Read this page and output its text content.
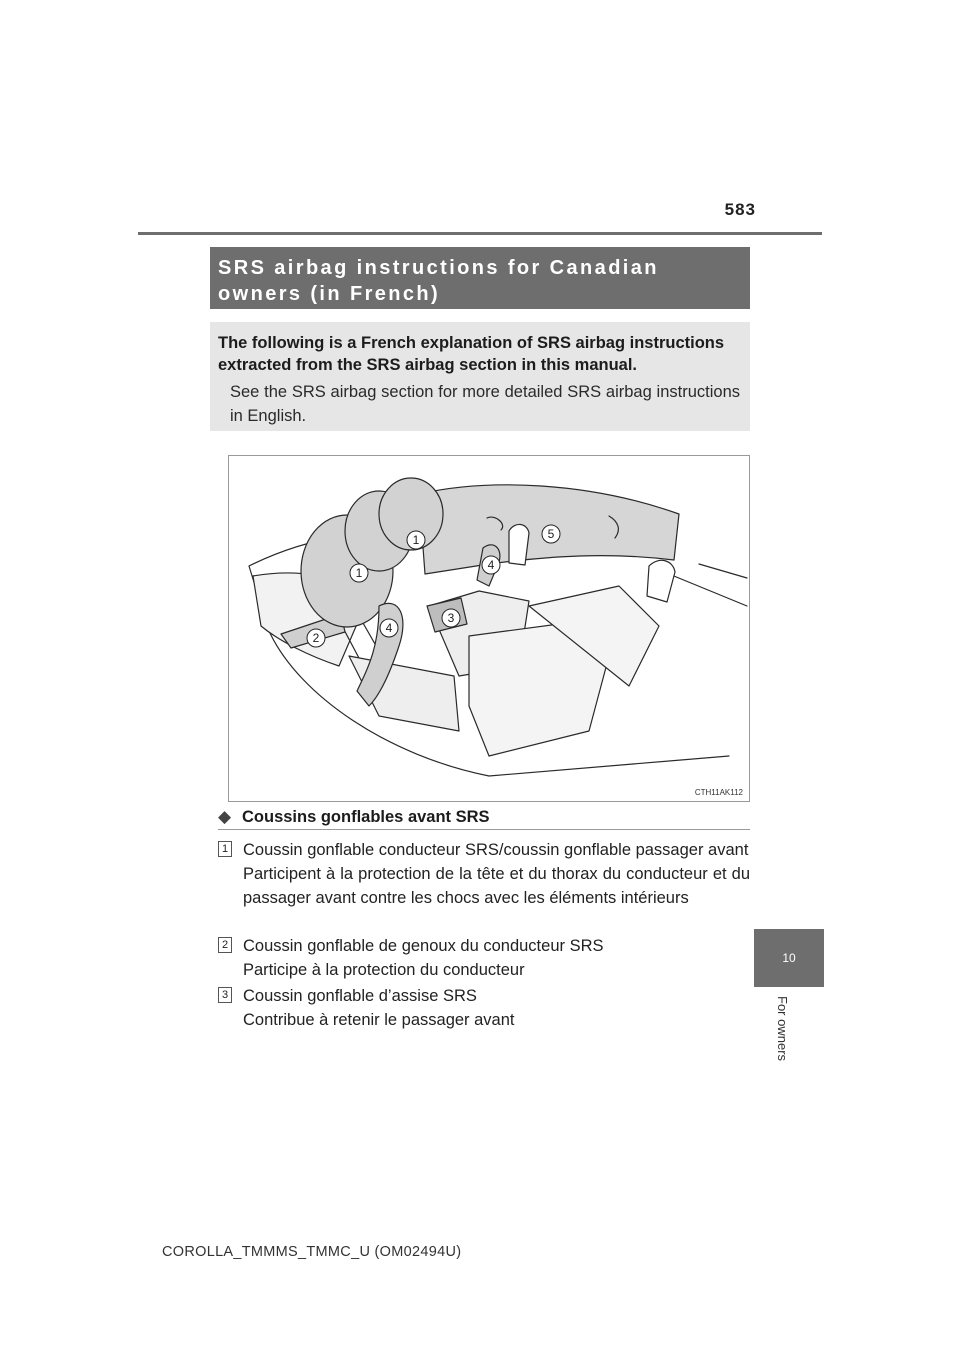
583

SRS airbag instructions for Canadian

owners (in French)

The following is a French explanation of SRS airbag instructions extracted from the SRS airbag section in this manual.

See the SRS airbag section for more detailed SRS airbag instructions in English.

1
1
2
3
4
4
5
CTH11AK112
◆ Coussins gonflables avant SRS
1 Coussin gonflable conducteur SRS/coussin gonflable passager avant

Participent à la protection de la tête et du thorax du conducteur et du passager avant contre les chocs avec les éléments intérieurs

2 Coussin gonflable de genoux du conducteur SRS

Participe à la protection du conducteur

3 Coussin gonflable d’assise SRS

Contribue à retenir le passager avant

10
For owners
COROLLA_TMMMS_TMMC_U (OM02494U)
